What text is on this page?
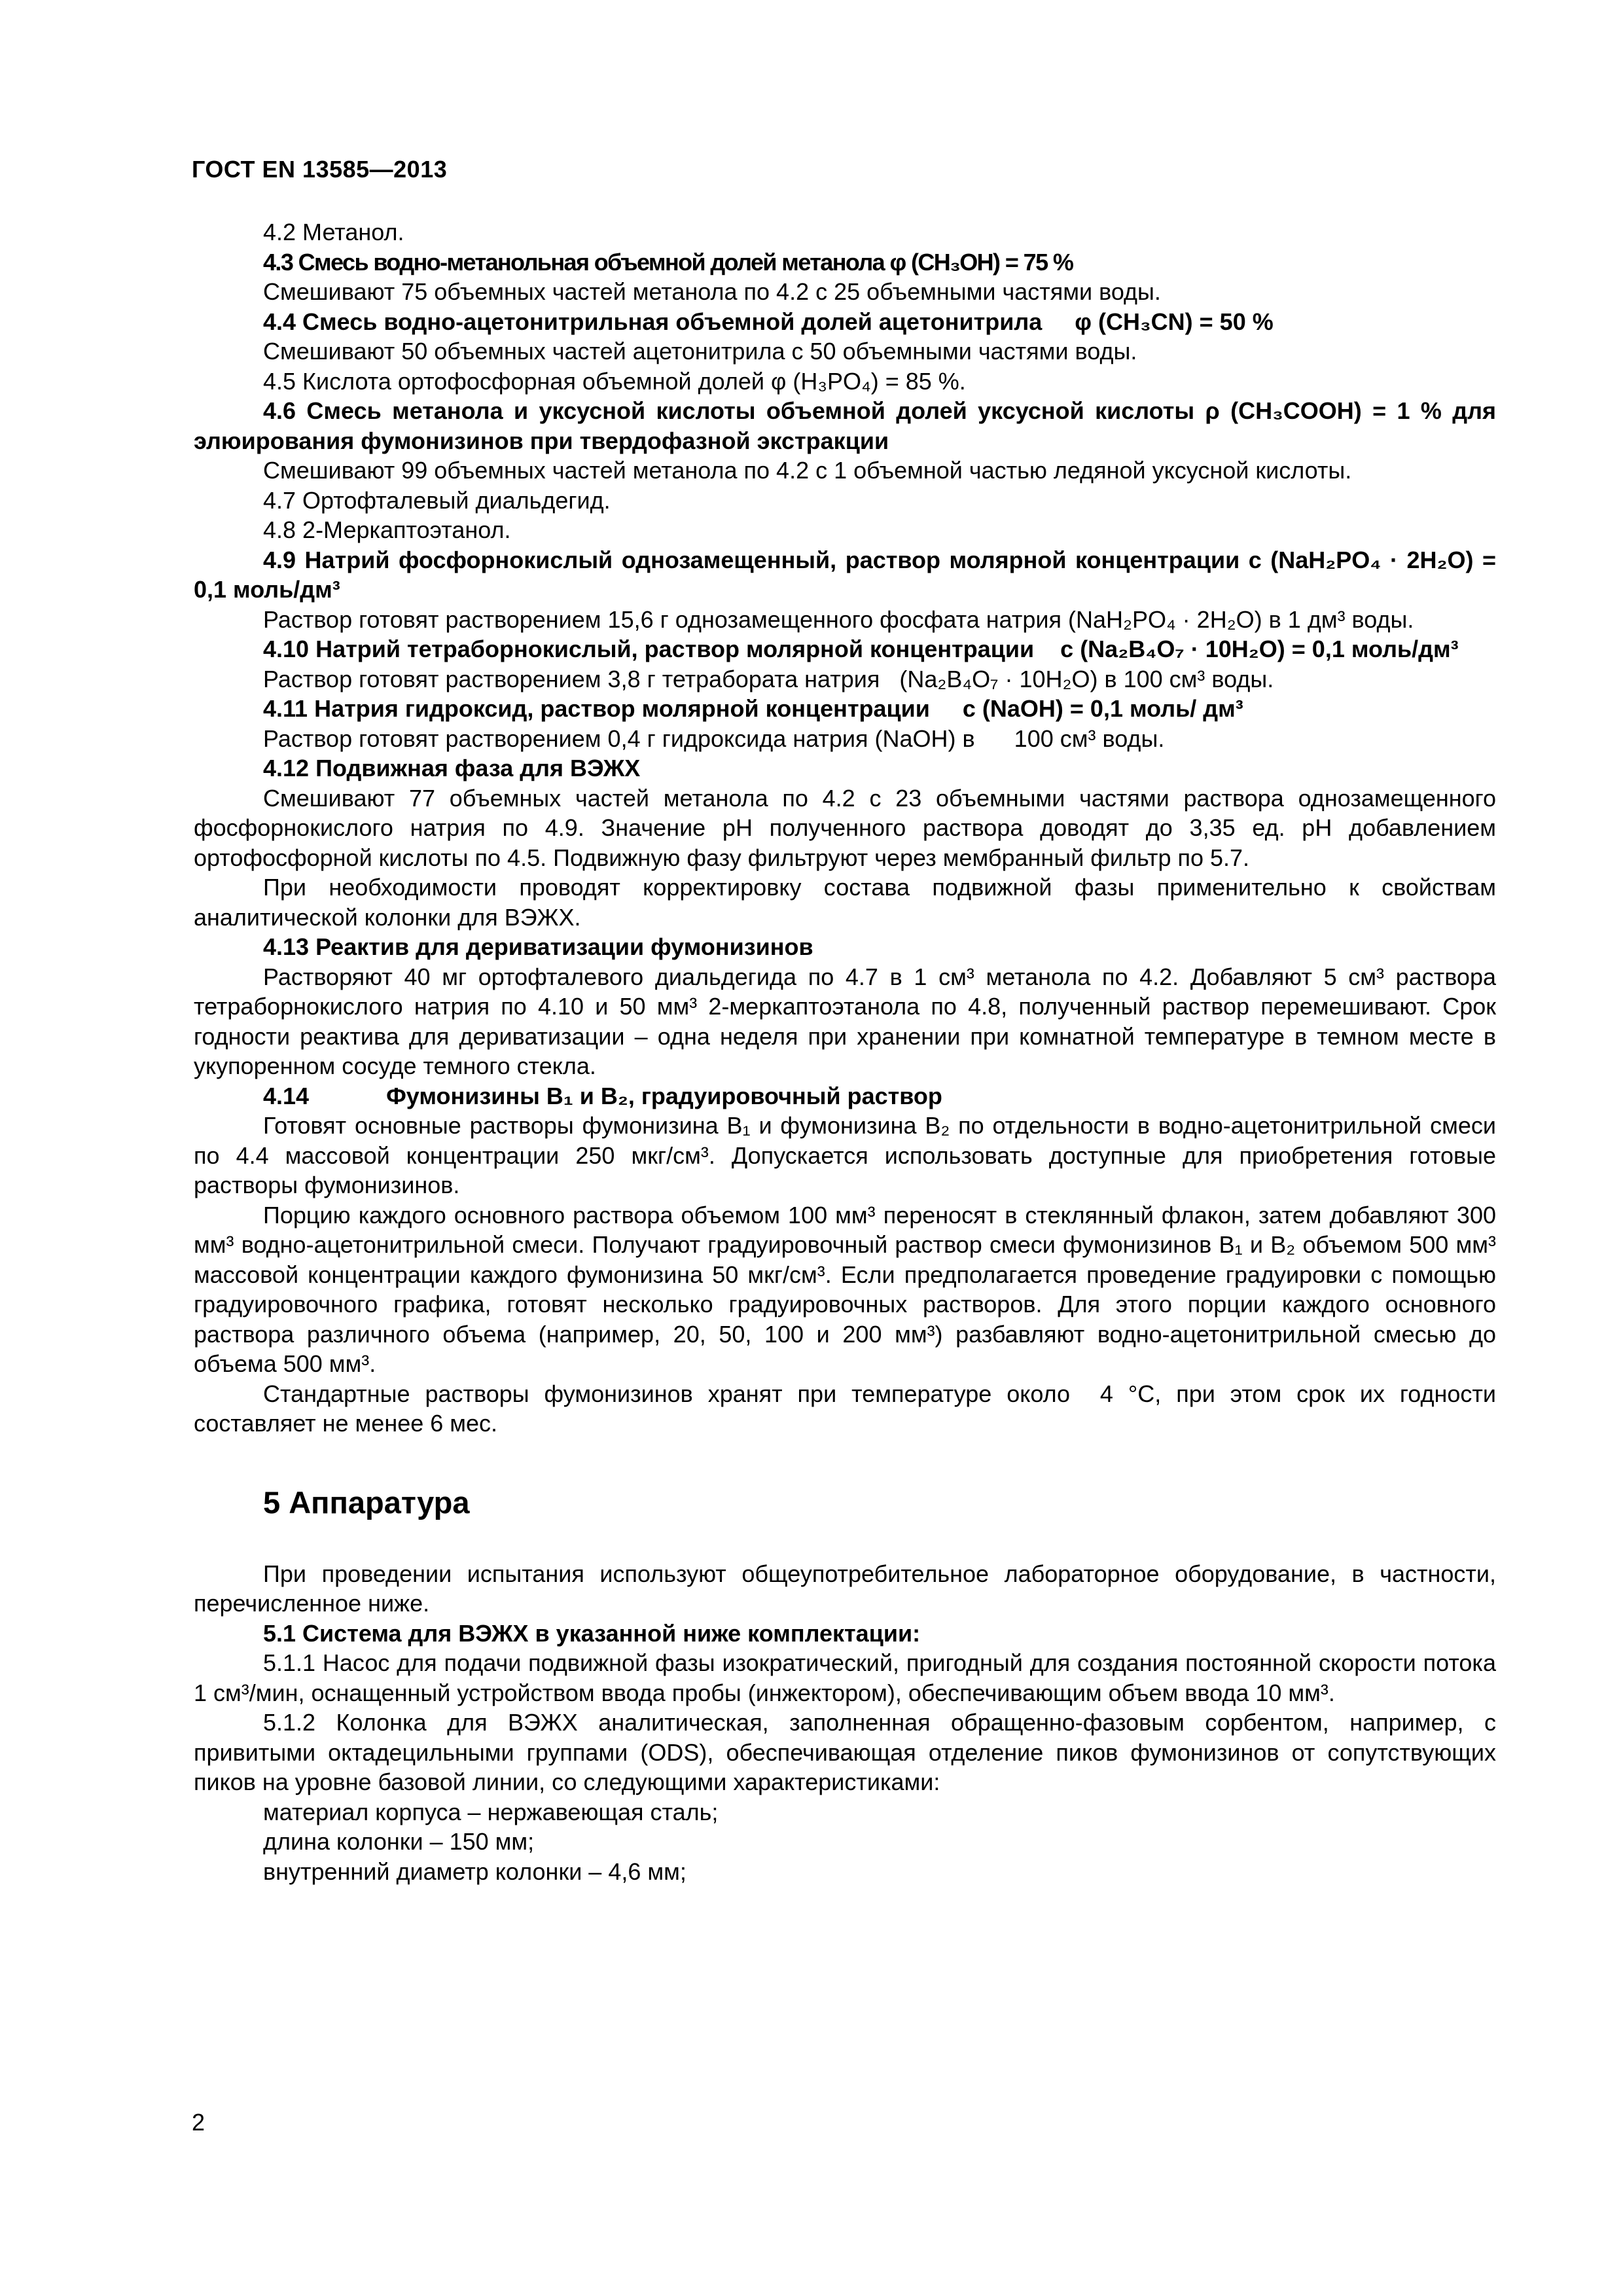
ГОСТ EN 13585—2013

4.2 Метанол.

4.3 Смесь водно-метанольная объемной долей метанола φ (CH₃OH) = 75 %

Смешивают 75 объемных частей метанола по 4.2 с 25 объемными частями воды.

4.4 Смесь водно-ацетонитрильная объемной долей ацетонитрила     φ (CH₃CN) = 50 %

Смешивают 50 объемных частей ацетонитрила с 50 объемными частями воды.

4.5 Кислота ортофосфорная объемной долей φ (H₃PO₄) = 85 %.

4.6 Смесь метанола и уксусной кислоты объемной долей уксусной кислоты ρ (CH₃COOH) = 1 % для элюирования фумонизинов при твердофазной экстракции

Смешивают 99 объемных частей метанола по 4.2 с 1 объемной частью ледяной уксусной кислоты.

4.7 Ортофталевый диальдегид.

4.8 2-Меркаптоэтанол.

4.9 Натрий фосфорнокислый однозамещенный, раствор молярной концентрации c (NaH₂PO₄ · 2H₂O) = 0,1 моль/дм³

Раствор готовят растворением 15,6 г однозамещенного фосфата натрия (NaH₂PO₄ · 2H₂O) в 1 дм³ воды.

4.10 Натрий тетраборнокислый, раствор молярной концентрации    c (Na₂B₄O₇ · 10H₂O) = 0,1 моль/дм³

Раствор готовят растворением 3,8 г тетрабората натрия   (Na₂B₄O₇ · 10H₂O) в 100 см³ воды.

4.11 Натрия гидроксид, раствор молярной концентрации     c (NaOH) = 0,1 моль/ дм³

Раствор готовят растворением 0,4 г гидроксида натрия (NaOH) в      100 см³ воды.

4.12 Подвижная фаза для ВЭЖХ

Смешивают 77 объемных частей метанола по 4.2 с 23 объемными частями раствора однозамещенного фосфорнокислого натрия по 4.9. Значение pH полученного раствора доводят до 3,35 ед. pH добавлением ортофосфорной кислоты по 4.5. Подвижную фазу фильтруют через мембранный фильтр по 5.7.

При необходимости проводят корректировку состава подвижной фазы применительно к свойствам аналитической колонки для ВЭЖХ.

4.13 Реактив для дериватизации фумонизинов

Растворяют 40 мг ортофталевого диальдегида по 4.7 в 1 см³ метанола по 4.2. Добавляют 5 см³ раствора тетраборнокислого натрия по 4.10 и 50 мм³ 2-меркаптоэтанола по 4.8, полученный раствор перемешивают. Срок годности реактива для дериватизации – одна неделя при хранении при комнатной температуре в темном месте в укупоренном сосуде темного стекла.

4.14	Фумонизины B₁ и B₂, градуировочный раствор

Готовят основные растворы фумонизина B₁ и фумонизина B₂ по отдельности в водно-ацетонитрильной смеси по 4.4 массовой концентрации 250 мкг/см³. Допускается использовать доступные для приобретения готовые растворы фумонизинов.

Порцию каждого основного раствора объемом 100 мм³ переносят в стеклянный флакон, затем добавляют 300 мм³ водно-ацетонитрильной смеси. Получают градуировочный раствор смеси фумонизинов B₁ и B₂ объемом 500 мм³ массовой концентрации каждого фумонизина 50 мкг/см³. Если предполагается проведение градуировки с помощью градуировочного графика, готовят несколько градуировочных растворов. Для этого порции каждого основного раствора различного объема (например, 20, 50, 100 и 200 мм³) разбавляют водно-ацетонитрильной смесью до объема 500 мм³.

Стандартные растворы фумонизинов хранят при температуре около  4 °C, при этом срок их годности составляет не менее 6 мес.

5 Аппаратура

При проведении испытания используют общеупотребительное лабораторное оборудование, в частности, перечисленное ниже.

5.1 Система для ВЭЖХ в указанной ниже комплектации:

5.1.1 Насос для подачи подвижной фазы изократический, пригодный для создания постоянной скорости потока 1 см³/мин, оснащенный устройством ввода пробы (инжектором), обеспечивающим объем ввода 10 мм³.

5.1.2 Колонка для ВЭЖХ аналитическая, заполненная обращенно-фазовым сорбентом, например, с привитыми октадецильными группами (ODS), обеспечивающая отделение пиков фумонизинов от сопутствующих пиков на уровне базовой линии, со следующими характеристиками:

материал корпуса – нержавеющая сталь;

длина колонки – 150 мм;

внутренний диаметр колонки – 4,6 мм;

2
